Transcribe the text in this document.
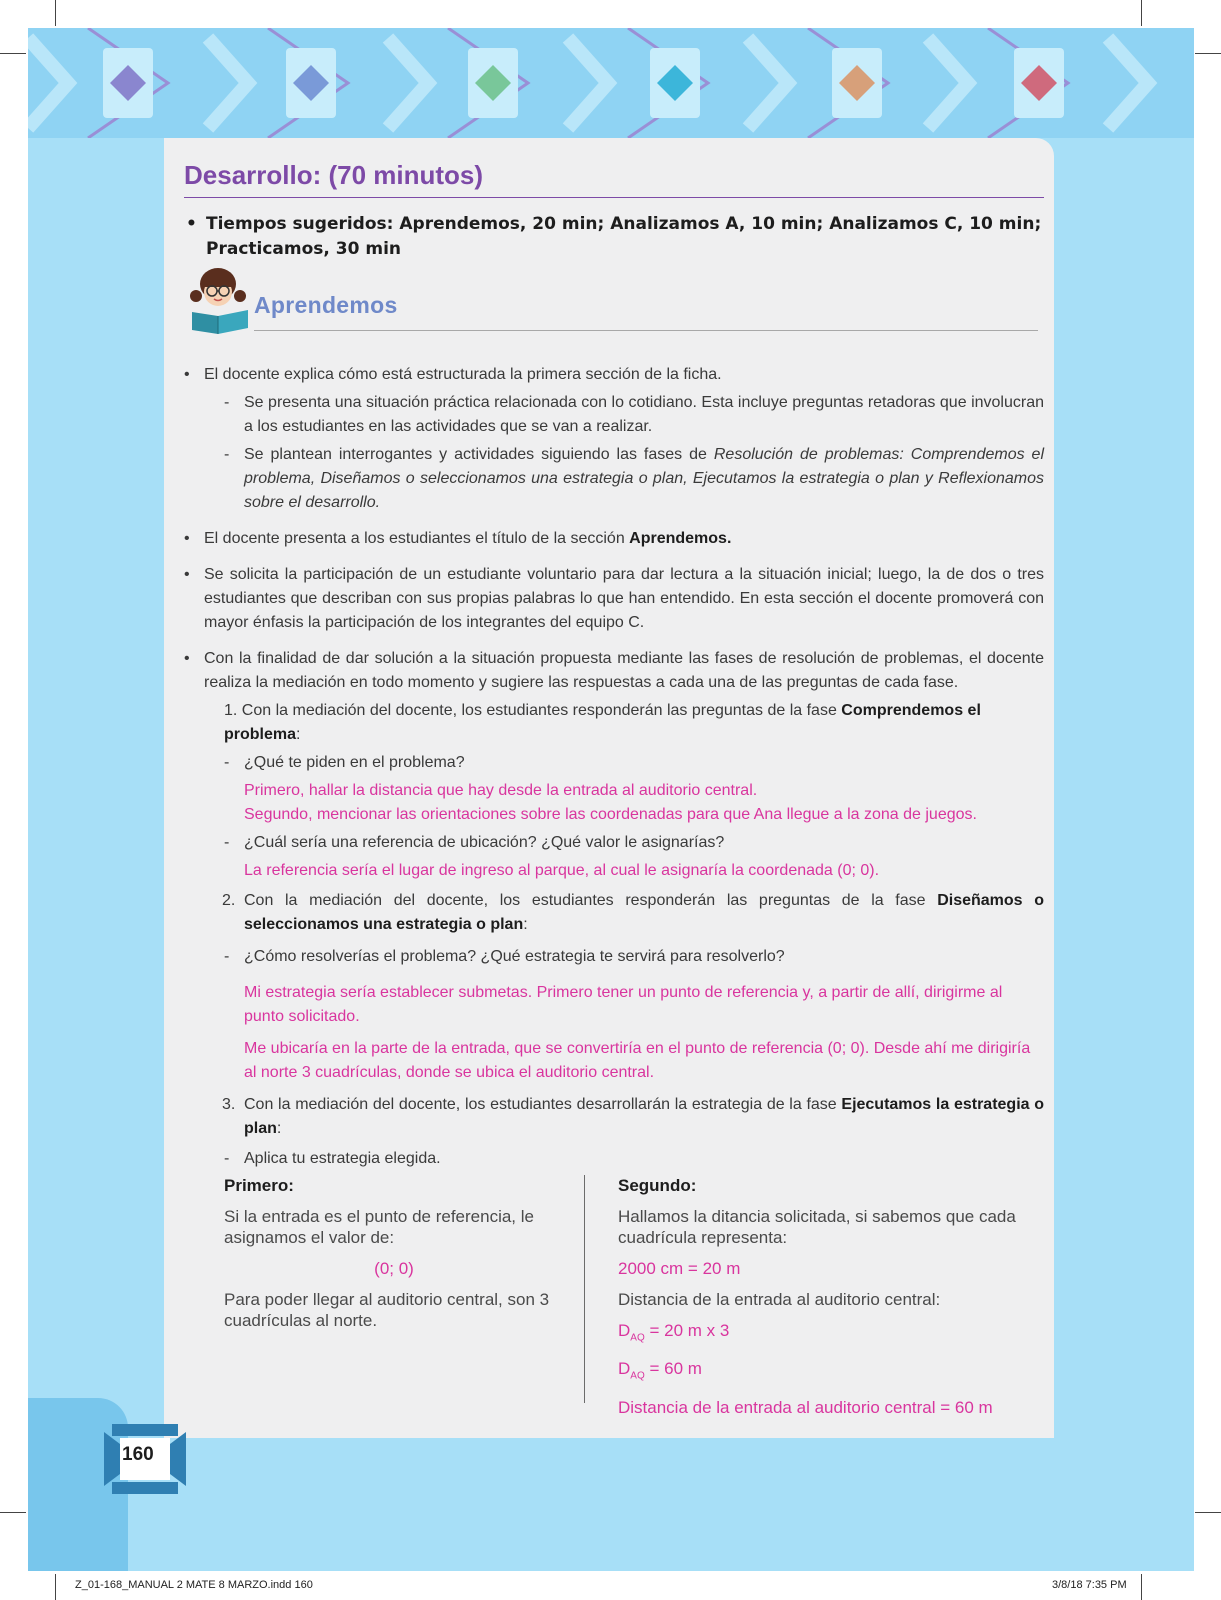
Desarrollo: (70 minutos)
• Tiempos sugeridos: Aprendemos, 20 min; Analizamos A, 10 min; Analizamos C, 10 min; Practicamos, 30 min
Aprendemos

• El docente explica cómo está estructurada la primera sección de la ficha.

- Se presenta una situación práctica relacionada con lo cotidiano. Esta incluye preguntas retadoras que involucran a los estudiantes en las actividades que se van a realizar.
- Se plantean interrogantes y actividades siguiendo las fases de Resolución de problemas: Comprendemos el problema, Diseñamos o seleccionamos una estrategia o plan, Ejecutamos la estrategia o plan y Reflexionamos sobre el desarrollo.
• El docente presenta a los estudiantes el título de la sección Aprendemos.
• Se solicita la participación de un estudiante voluntario para dar lectura a la situación inicial; luego, la de dos o tres estudiantes que describan con sus propias palabras lo que han entendido. En esta sección el docente promoverá con mayor énfasis la participación de los integrantes del equipo C.

• Con la finalidad de dar solución a la situación propuesta mediante las fases de resolución de problemas, el docente realiza la mediación en todo momento y sugiere las respuestas a cada una de las preguntas de cada fase.

1. Con la mediación del docente, los estudiantes responderán las preguntas de la fase Comprendemos el problema:
- ¿Qué te piden en el problema?

Primero, hallar la distancia que hay desde la entrada al auditorio central.

Segundo, mencionar las orientaciones sobre las coordenadas para que Ana llegue a la zona de juegos.

- ¿Cuál sería una referencia de ubicación? ¿Qué valor le asignarías?

La referencia sería el lugar de ingreso al parque, al cual le asignaría la coordenada (0; 0).

2. Con la mediación del docente, los estudiantes responderán las preguntas de la fase Diseñamos o seleccionamos una estrategia o plan:
- ¿Cómo resolverías el problema? ¿Qué estrategia te servirá para resolverlo?

Mi estrategia sería establecer submetas. Primero tener un punto de referencia y, a partir de allí, dirigirme al punto solicitado.

Me ubicaría en la parte de la entrada, que se convertiría en el punto de referencia (0; 0). Desde ahí me dirigiría al norte 3 cuadrículas, donde se ubica el auditorio central.

3. Con la mediación del docente, los estudiantes desarrollarán la estrategia de la fase Ejecutamos la estrategia o plan:
- Aplica tu estrategia elegida.
Primero:
Si la entrada es el punto de referencia, le asignamos el valor de:
(0; 0)
Para poder llegar al auditorio central, son 3 cuadrículas al norte.
Segundo:
Hallamos la ditancia solicitada, si sabemos que cada cuadrícula representa:
2000 cm = 20 m
Distancia de la entrada al auditorio central:
$D_{AQ} = 20$ m x 3
$D_{AQ} = 60$ m
Distancia de la entrada al auditorio central = 60 m
160
Z_01-168_MANUAL 2 MATE 8 MARZO.indd 160	3/8/18 7:35 PM
